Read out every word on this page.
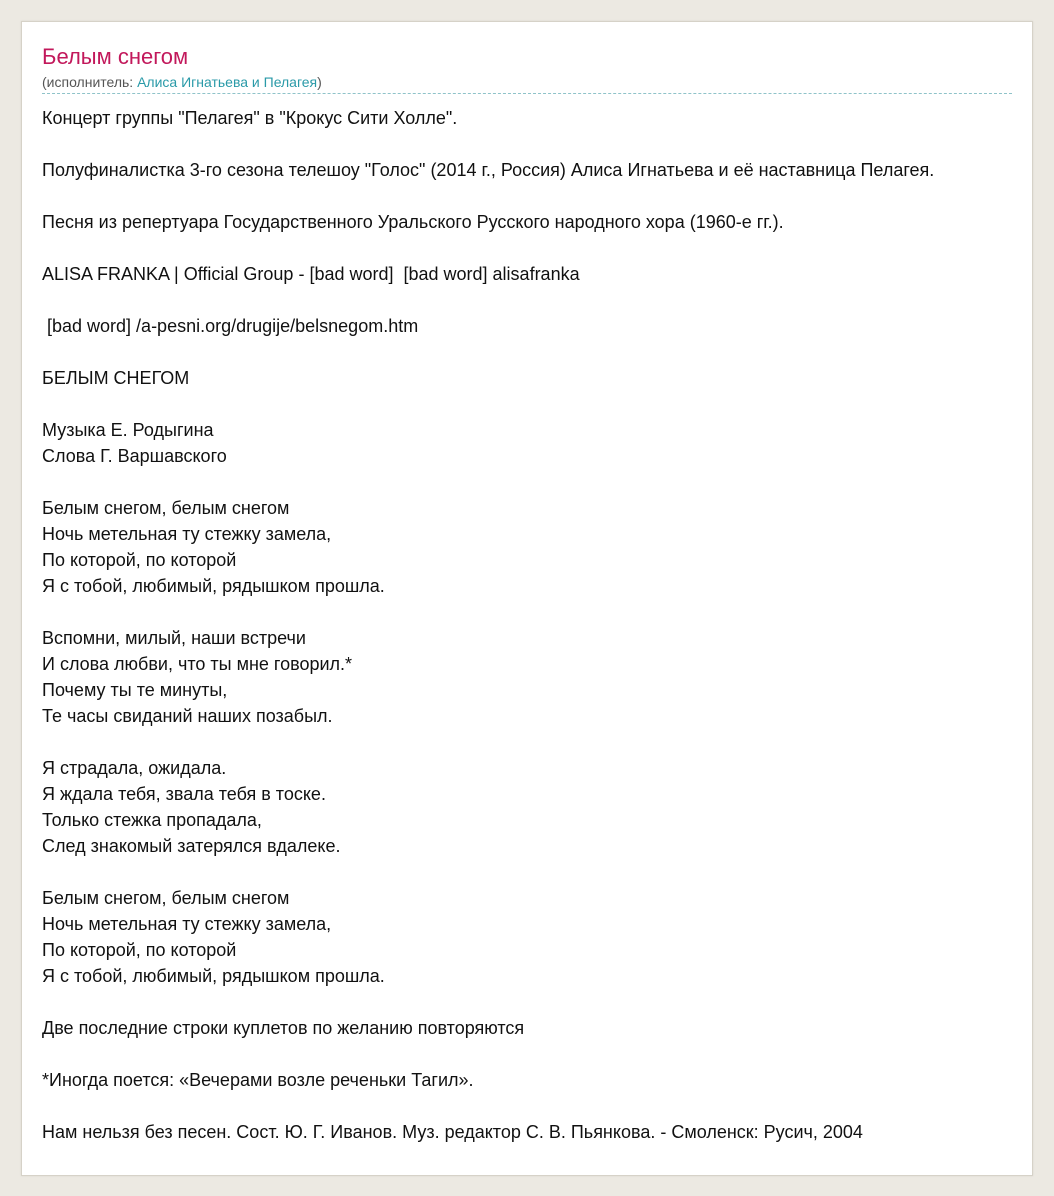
Белым снегом
(исполнитель: Алиса Игнатьева и Пелагея)

Концерт группы "Пелагея" в "Крокус Сити Холле".

Полуфиналистка 3-го сезона телешоу "Голос" (2014 г., Россия) Алиса Игнатьева и её наставница Пелагея.

Песня из репертуара Государственного Уральского Русского народного хора (1960-е гг.).

ALISA FRANKA | Official Group - [bad word]  [bad word] alisafranka

[bad word] /a-pesni.org/drugije/belsnegom.htm

БЕЛЫМ СНЕГОМ

Музыка Е. Родыгина
Слова Г. Варшавского

Белым снегом, белым снегом
Ночь метельная ту стежку замела,
По которой, по которой
Я с тобой, любимый, рядышком прошла.

Вспомни, милый, наши встречи
И слова любви, что ты мне говорил.*
Почему ты те минуты,
Те часы свиданий наших позабыл.

Я страдала, ожидала.
Я ждала тебя, звала тебя в тоске.
Только стежка пропадала,
След знакомый затерялся вдалеке.

Белым снегом, белым снегом
Ночь метельная ту стежку замела,
По которой, по которой
Я с тобой, любимый, рядышком прошла.

Две последние строки куплетов по желанию повторяются

*Иногда поется: «Вечерами возле реченьки Тагил».

Нам нельзя без песен. Сост. Ю. Г. Иванов. Муз. редактор С. В. Пьянкова. - Смоленск: Русич, 2004
